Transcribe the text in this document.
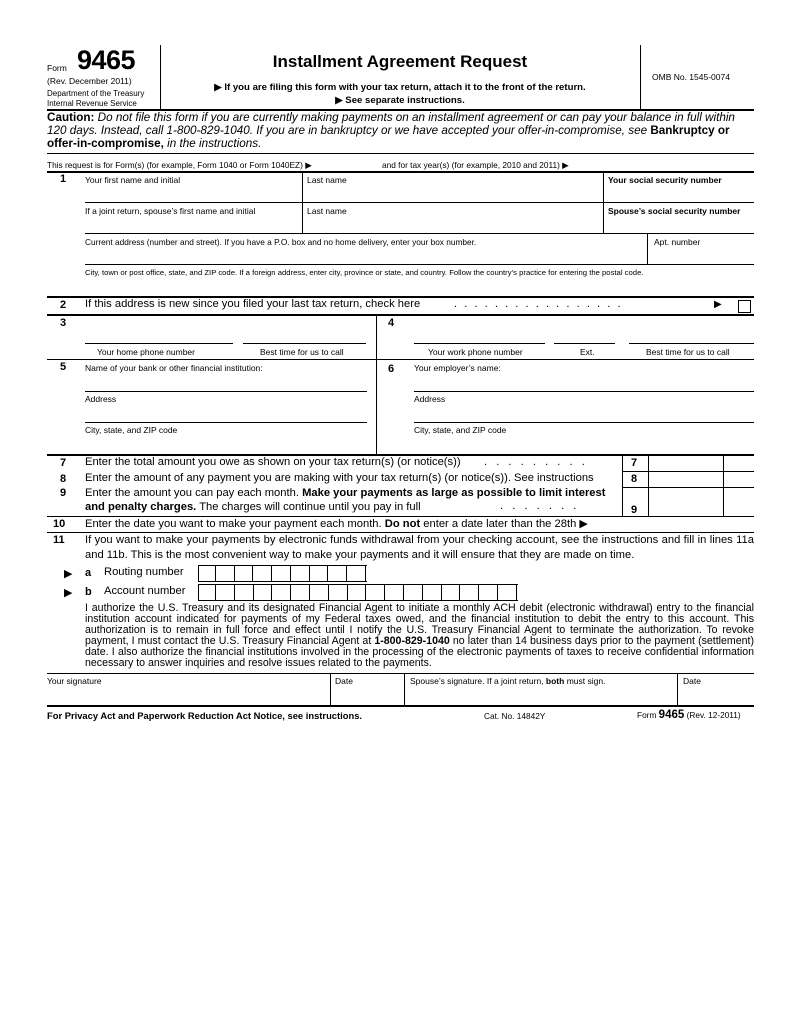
Form 9465
(Rev. December 2011)
Department of the Treasury
Internal Revenue Service
Installment Agreement Request
▶ If you are filing this form with your tax return, attach it to the front of the return.
▶ See separate instructions.
OMB No. 1545-0074
Caution: Do not file this form if you are currently making payments on an installment agreement or can pay your balance in full within 120 days. Instead, call 1-800-829-1040. If you are in bankruptcy or we have accepted your offer-in-compromise, see Bankruptcy or offer-in-compromise, in the instructions.
This request is for Form(s) (for example, Form 1040 or Form 1040EZ) ▶	and for tax year(s) (for example, 2010 and 2011) ▶
1 Your first name and initial	Last name	Your social security number
If a joint return, spouse’s first name and initial	Last name	Spouse’s social security number
Current address (number and street). If you have a P.O. box and no home delivery, enter your box number.	Apt. number
City, town or post office, state, and ZIP code. If a foreign address, enter city, province or state, and country. Follow the country’s practice for entering the postal code.
2 If this address is new since you filed your last tax return, check here	. . . . . . . . . . . . . . . . .	▶
3
Your home phone number	Best time for us to call
4
Your work phone number	Ext.	Best time for us to call
5 Name of your bank or other financial institution:
Address
City, state, and ZIP code
6 Your employer’s name:
Address
City, state, and ZIP code
7 Enter the total amount you owe as shown on your tax return(s) (or notice(s)) . . . . . . . . .	7
8 Enter the amount of any payment you are making with your tax return(s) (or notice(s)). See instructions	8
9 Enter the amount you can pay each month. Make your payments as large as possible to limit interest and penalty charges. The charges will continue until you pay in full	. . . . . . .	9
10 Enter the date you want to make your payment each month. Do not enter a date later than the 28th ▶
11 If you want to make your payments by electronic funds withdrawal from your checking account, see the instructions and fill in lines 11a and 11b. This is the most convenient way to make your payments and it will ensure that they are made on time.
▶ a Routing number
▶ b Account number
I authorize the U.S. Treasury and its designated Financial Agent to initiate a monthly ACH debit (electronic withdrawal) entry to the financial institution account indicated for payments of my Federal taxes owed, and the financial institution to debit the entry to this account. This authorization is to remain in full force and effect until I notify the U.S. Treasury Financial Agent to terminate the authorization. To revoke payment, I must contact the U.S. Treasury Financial Agent at 1-800-829-1040 no later than 14 business days prior to the payment (settlement) date. I also authorize the financial institutions involved in the processing of the electronic payments of taxes to receive confidential information necessary to answer inquiries and resolve issues related to the payments.
Your signature	Date	Spouse’s signature. If a joint return, both must sign.	Date
For Privacy Act and Paperwork Reduction Act Notice, see instructions.	Cat. No. 14842Y	Form 9465 (Rev. 12-2011)
